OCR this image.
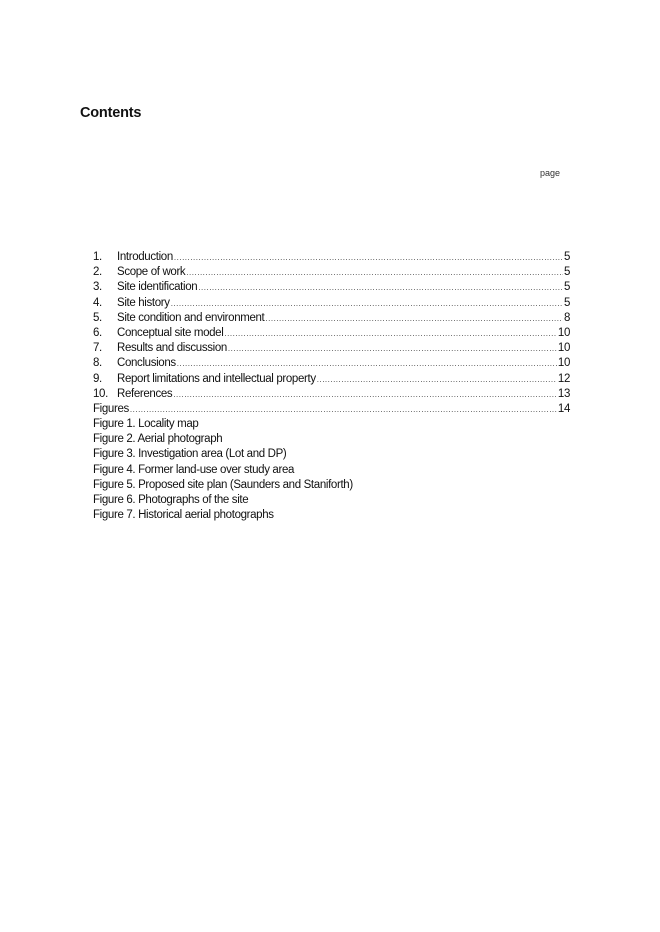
Contents
page
1.	Introduction .....	5
2.	Scope of work .....	5
3.	Site identification .....	5
4.	Site history .....	5
5.	Site condition and environment .....	8
6.	Conceptual site model .....	10
7.	Results and discussion .....	10
8.	Conclusions .....	10
9.	Report limitations and intellectual property .....	12
10. References .....	13
Figures .....	14
Figure 1. Locality map
Figure 2. Aerial photograph
Figure 3. Investigation area (Lot and DP)
Figure 4. Former land-use over study area
Figure 5. Proposed site plan (Saunders and Staniforth)
Figure 6. Photographs of the site
Figure 7. Historical aerial photographs
